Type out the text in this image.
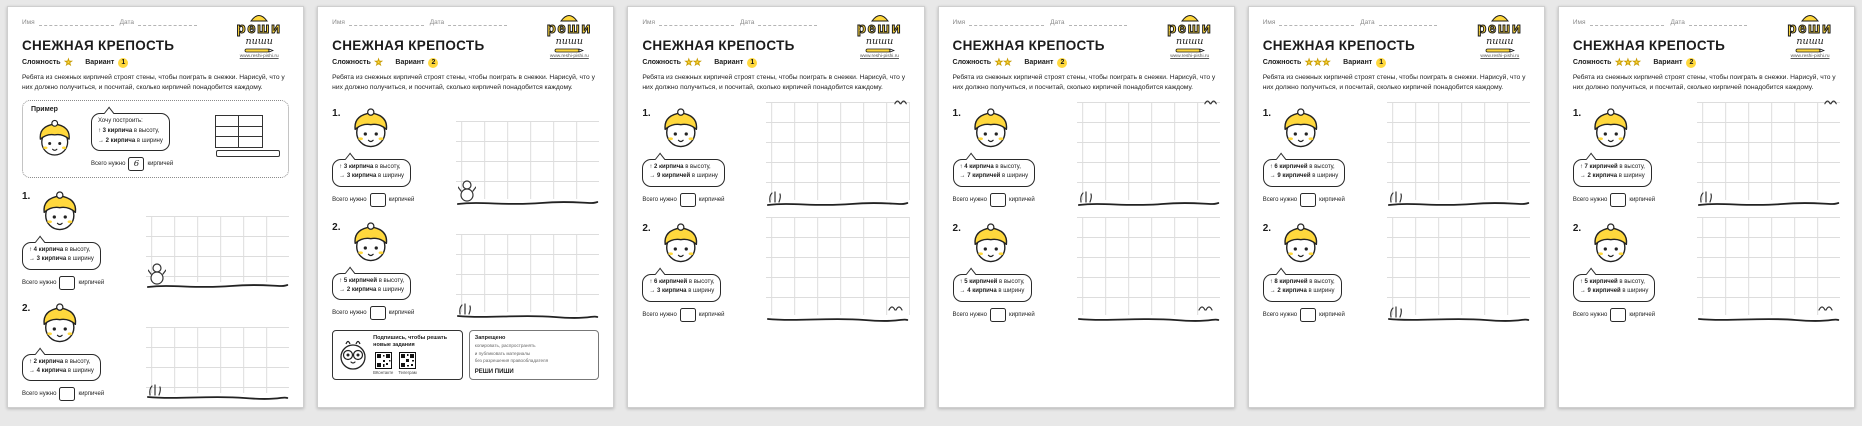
Имя	Дата	реши
пиши
www.reshi-pishi.ru
СНЕЖНАЯ КРЕПОСТЬ
Сложность ★ Вариант	1

Ребята из снежных кирпичей строят стены, чтобы поиграть в снежки. Нарисуй, что у них должно получиться, и посчитай, сколько кирпичей понадобится каждому.

Пример
Хочу построить:
↑ 3 кирпича в высоту,
→ 2 кирпича в ширину
Всего нужно 6	кирпичей
1.
↑ 4 кирпича в высоту,
→ 3 кирпича в ширину
Всего нужно	кирпичей
2.
↑ 2 кирпича в высоту,
→ 4 кирпича в ширину
Всего нужно	кирпичей
Имя	Дата	реши
пиши
www.reshi-pishi.ru
СНЕЖНАЯ КРЕПОСТЬ
Сложность ★ Вариант	2

Ребята из снежных кирпичей строят стены, чтобы поиграть в снежки. Нарисуй, что у них должно получиться, и посчитай, сколько кирпичей понадобится каждому.

1.
↑ 3 кирпича в высоту,
→ 3 кирпича в ширину
Всего нужно	кирпичей
2.
↑ 5 кирпичей в высоту,
→ 2 кирпича в ширину
Всего нужно	кирпичей
Подпишись, чтобы решать новые задания
ВКонтакте Телеграм
Запрещено
копировать, распространять
и публиковать материалы
без разрешения правообладателя
РЕШИ ПИШИ
Имя	Дата	реши
пиши
www.reshi-pishi.ru
СНЕЖНАЯ КРЕПОСТЬ
Сложность ★★ Вариант	1

Ребята из снежных кирпичей строят стены, чтобы поиграть в снежки. Нарисуй, что у них должно получиться, и посчитай, сколько кирпичей понадобится каждому.

1.
↑ 2 кирпича в высоту,
→ 9 кирпичей в ширину
Всего нужно	кирпичей
2.
↑ 6 кирпичей в высоту,
→ 3 кирпича в ширину
Всего нужно	кирпичей
Имя	Дата	реши
пиши
www.reshi-pishi.ru
СНЕЖНАЯ КРЕПОСТЬ
Сложность ★★ Вариант	2

Ребята из снежных кирпичей строят стены, чтобы поиграть в снежки. Нарисуй, что у них должно получиться, и посчитай, сколько кирпичей понадобится каждому.

1.
↑ 4 кирпича в высоту,
→ 7 кирпичей в ширину
Всего нужно	кирпичей
2.
↑ 5 кирпичей в высоту,
→ 4 кирпича в ширину
Всего нужно	кирпичей
Имя	Дата	реши
пиши
www.reshi-pishi.ru
СНЕЖНАЯ КРЕПОСТЬ
Сложность ★★★ Вариант	1

Ребята из снежных кирпичей строят стены, чтобы поиграть в снежки. Нарисуй, что у них должно получиться, и посчитай, сколько кирпичей понадобится каждому.

1.
↑ 6 кирпичей в высоту,
→ 9 кирпичей в ширину
Всего нужно	кирпичей
2.
↑ 8 кирпичей в высоту,
→ 2 кирпича в ширину
Всего нужно	кирпичей
Имя	Дата	реши
пиши
www.reshi-pishi.ru
СНЕЖНАЯ КРЕПОСТЬ
Сложность ★★★ Вариант	2

Ребята из снежных кирпичей строят стены, чтобы поиграть в снежки. Нарисуй, что у них должно получиться, и посчитай, сколько кирпичей понадобится каждому.

1.
↑ 7 кирпичей в высоту,
→ 2 кирпича в ширину
Всего нужно	кирпичей
2.
↑ 5 кирпичей в высоту,
→ 9 кирпичей в ширину
Всего нужно	кирпичей
